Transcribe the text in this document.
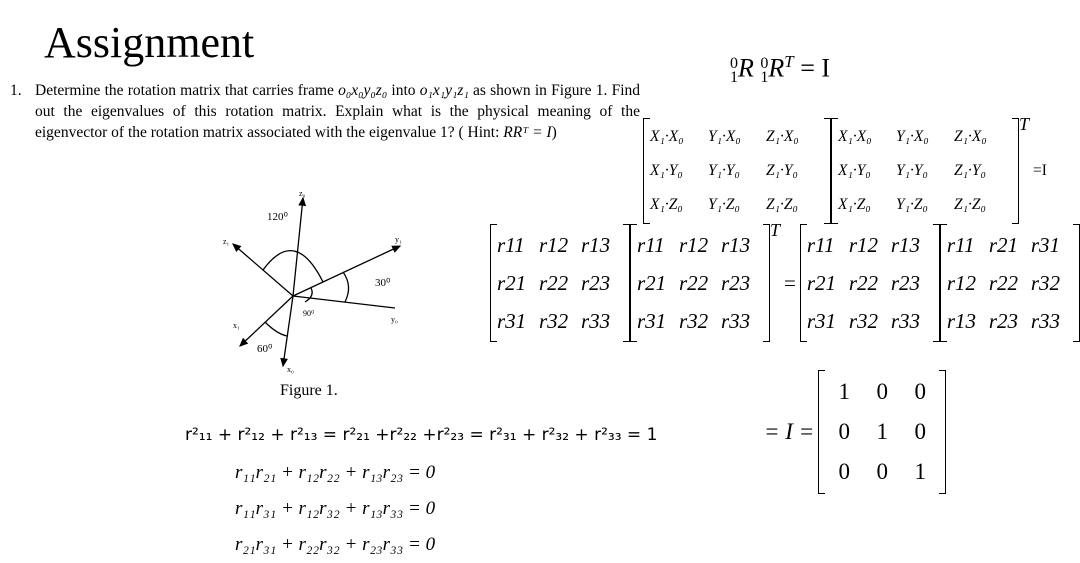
Assignment
1. Determine the rotation matrix that carries frame o₀x₀y₀z₀ into o₁x₁y₁z₁ as shown in Figure 1. Find out the eigenvalues of this rotation matrix. Explain what is the physical meaning of the eigenvector of the rotation matrix associated with the eigenvalue 1? ( Hint: RRᵀ = I)
z₀
z₁	y₁
y₀
x₁
x₀
120⁰
30⁰
90⁰
60⁰
Figure 1.
0
1R 0
$1R^T = I$
X₁·X₀	Y₁·X₀	Z₁·X₀
X₁·Y₀	Y₁·Y₀	Z₁·Y₀
X₁·Z₀	Y₁·Z₀	Z₁·Z₀
X₁·X₀	Y₁·X₀	Z₁·X₀
X₁·Y₀	Y₁·Y₀	Z₁·Y₀
X₁·Z₀	Y₁·Z₀	Z₁·Z₀
T
=I
r11 r12 r13
r21 r22 r23
r31 r32 r33
r11 r12 r13
r21 r22 r23
r31 r32 r33
T
=
r11 r12 r13
r21 r22 r23
r31 r32 r33
r11 r21 r31
r12 r22 r32
r13 r23 r33
= I =
1	0	0
0	1	0
0	0	1
r²₁₁ + r²₁₂ + r²₁₃ = r²₂₁ +r²₂₂ +r²₂₃ = r²₃₁ + r²₃₂ + r²₃₃ = 1
r₁₁r₂₁ + r₁₂r₂₂ + r₁₃r₂₃ = 0
r₁₁r₃₁ + r₁₂r₃₂ + r₁₃r₃₃ = 0
r₂₁r₃₁ + r₂₂r₃₂ + r₂₃r₃₃ = 0
